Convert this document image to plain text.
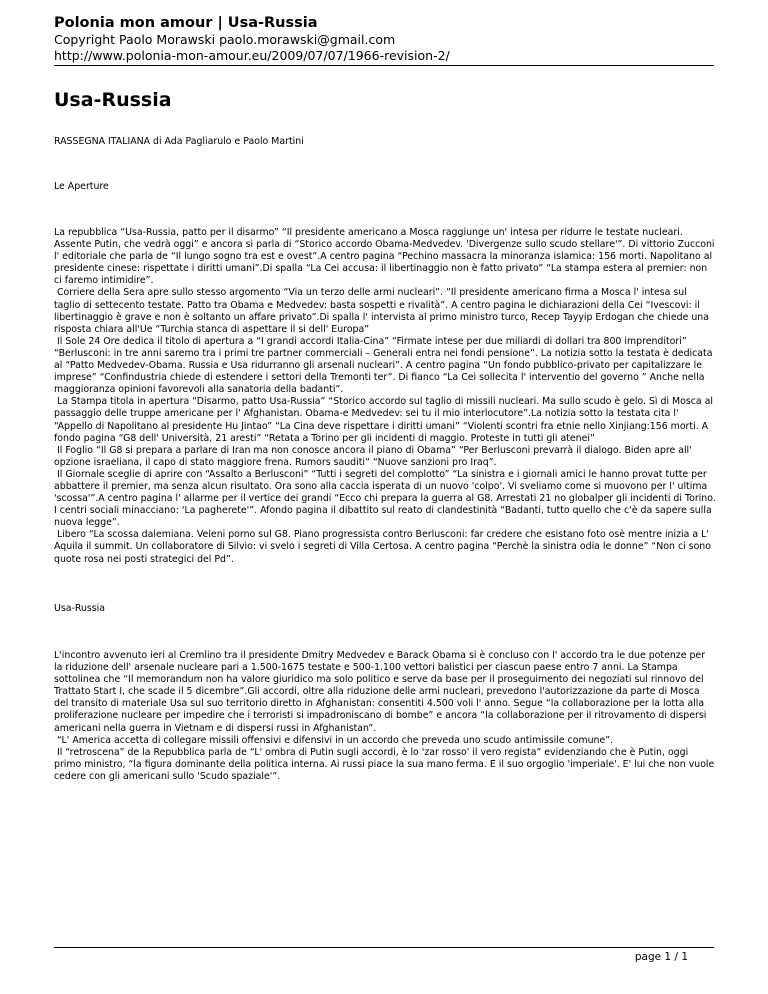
Polonia mon amour | Usa-Russia

Copyright Paolo Morawski paolo.morawski@gmail.com

http://www.polonia-mon-amour.eu/2009/07/07/1966-revision-2/

Usa-Russia

RASSEGNA ITALIANA di Ada Pagliarulo e Paolo Martini

Le Aperture

La repubblica “Usa-Russia, patto per il disarmo” “Il presidente americano a Mosca raggiunge un' intesa per ridurre le testate nucleari. Assente Putin, che vedrà oggi” e ancora si parla di “Storico accordo Obama-Medvedev. 'Divergenze sullo scudo stellare'”. Di vittorio Zucconi l' editoriale che parla de “Il lungo sogno tra est e ovest”.A centro pagina “Pechino massacra la minoranza islamica: 156 morti. Napolitano al presidente cinese: rispettate i diritti umani”.Di spalla “La Cei accusa: il libertinaggio non è fatto privato” “La stampa estera al premier: non ci faremo intimidire”.

Corriere della Sera apre sullo stesso argomento “Via un terzo delle armi nucleari”. “Il presidente americano firma a Mosca l' intesa sul taglio di settecento testate. Patto tra Obama e Medvedev: basta sospetti e rivalità”. A centro pagina le dichiarazioni della Cei “Ivescovi: il libertinaggio è grave e non è soltanto un affare privato”.Di spalla l' intervista al primo ministro turco, Recep Tayyip Erdogan che chiede una risposta chiara all'Ue “Turchia stanca di aspettare il si dell' Europa”

Il Sole 24 Ore dedica il titolo di apertura a “I grandi accordi Italia-Cina” “Firmate intese per due miliardi di dollari tra 800 imprenditori” “Berlusconi: in tre anni saremo tra i primi tre partner commerciali – Generali entra nei fondi pensione”. La notizia sotto la testata è dedicata al “Patto Medvedev-Obama. Russia e Usa ridurranno gli arsenali nucleari”. A centro pagina “Un fondo pubblico-privato per capitalizzare le imprese” “Confindustria chiede di estendere i settori della Tremonti ter”. Di fianco “La Cei sollecita l' interventio del governo ” Anche nella maggioranza opinioni favorevoli alla sanatoria della badanti”.

La Stampa titola in apertura “Disarmo, patto Usa-Russia” “Storico accordo sul taglio di missili nucleari. Ma sullo scudo è gelo. Sì di Mosca al passaggio delle truppe americane per l' Afghanistan. Obama-e Medvedev: sei tu il mio interlocutore”.La notizia sotto la testata cita l' “Appello di Napolitano al presidente Hu Jintao” “La Cina deve rispettare i diritti umani” “Violenti scontri fra etnie nello Xinjiang:156 morti. A fondo pagina “G8 dell' Università, 21 aresti” “Retata a Torino per gli incidenti di maggio. Proteste in tutti gli atenei”

Il Foglio “Il G8 si prepara a parlare di Iran ma non conosce ancora il piano di Obama” “Per Berlusconi prevarrà il dialogo. Biden apre all' opzione israeliana, il capo di stato maggiore frena. Rumors sauditi” “Nuove sanzioni pro Iraq”.

Il Giornale sceglie di aprire con “Assalto a Berlusconi” “Tutti i segreti del complotto” “La sinistra e i giornali amici le hanno provat tutte per abbattere il premier, ma senza alcun risultato. Ora sono alla caccia isperata di un nuovo 'colpo'. Vi sveliamo come si muovono per l' ultima 'scossa'”.A centro pagina l' allarme per il vertice dei grandi “Ecco chi prepara la guerra al G8. Arrestati 21 no globalper gli incidenti di Torino. I centri sociali minacciano: 'La pagherete'”. Afondo pagina il dibattito sul reato di clandestinità “Badanti, tutto quello che c'è da sapere sulla nuova legge”.

Libero “La scossa dalemiana. Veleni porno sul G8. Piano progressista contro Berlusconi: far credere che esistano foto osè mentre inizia a L' Aquila il summit. Un collaboratore di Silvio: vi svelo i segreti di Villa Certosa. A centro pagina “Perchè la sinistra odia le donne” “Non ci sono quote rosa nei posti strategici del Pd”.

Usa-Russia

L'incontro avvenuto ieri al Cremlino tra il presidente Dmitry Medvedev e Barack Obama si è concluso con l' accordo tra le due potenze per la riduzione dell' arsenale nucleare pari a 1.500-1675 testate e 500-1.100 vettori balistici per ciascun paese entro 7 anni. La Stampa sottolinea che “Il memorandum non ha valore giuridico ma solo politico e serve da base per il proseguimento dei negoziati sul rinnovo del Trattato Start I, che scade il 5 dicembre”.Gli accordi, oltre alla riduzione delle armi nucleari, prevedono l'autorizzazione da parte di Mosca del transito di materiale Usa sul suo territorio diretto in Afghanistan: consentiti 4.500 voli l' anno. Segue “la collaborazione per la lotta alla proliferazione nucleare per impedire che i terroristi si impadroniscano di bombe” e ancora “la collaborazione per il ritrovamento di dispersi americani nella guerra in Vietnam e di dispersi russi in Afghanistan”.

“L' America accetta di collegare missili offensivi e difensivi in un accordo che preveda uno scudo antimissile comune”.

Il “retroscena” de la Repubblica parla de “L' ombra di Putin sugli accordi, è lo 'zar rosso' il vero regista” evidenziando che è Putin, oggi primo ministro, “la figura dominante della politica interna. Ai russi piace la sua mano ferma. E il suo orgoglio 'imperiale'. E' lui che non vuole cedere con gli americani sullo 'Scudo spaziale'”.

page 1 / 1
